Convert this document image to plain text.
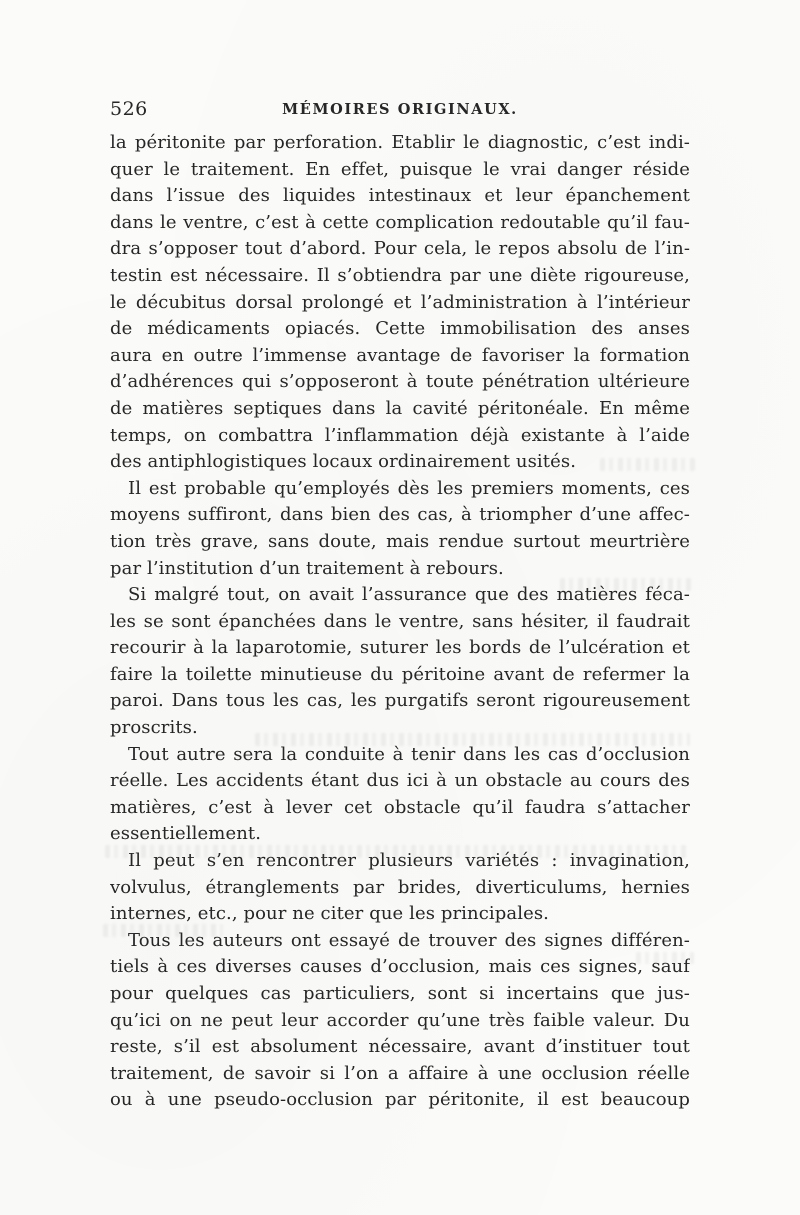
526	MÉMOIRES ORIGINAUX.
la péritonite par perforation. Etablir le diagnostic, c’est indi-
quer le traitement. En effet, puisque le vrai danger réside
dans l’issue des liquides intestinaux et leur épanchement
dans le ventre, c’est à cette complication redoutable qu’il fau-
dra s’opposer tout d’abord. Pour cela, le repos absolu de l’in-
testin est nécessaire. Il s’obtiendra par une diète rigoureuse,
le décubitus dorsal prolongé et l’administration à l’intérieur
de médicaments opiacés. Cette immobilisation des anses
aura en outre l’immense avantage de favoriser la formation
d’adhérences qui s’opposeront à toute pénétration ultérieure
de matières septiques dans la cavité péritonéale. En même
temps, on combattra l’inflammation déjà existante à l’aide
des antiphlogistiques locaux ordinairement usités.
Il est probable qu’employés dès les premiers moments, ces
moyens suffiront, dans bien des cas, à triompher d’une affec-
tion très grave, sans doute, mais rendue surtout meurtrière
par l’institution d’un traitement à rebours.
Si malgré tout, on avait l’assurance que des matières féca-
les se sont épanchées dans le ventre, sans hésiter, il faudrait
recourir à la laparotomie, suturer les bords de l’ulcération et
faire la toilette minutieuse du péritoine avant de refermer la
paroi. Dans tous les cas, les purgatifs seront rigoureusement
proscrits.
Tout autre sera la conduite à tenir dans les cas d’occlusion
réelle. Les accidents étant dus ici à un obstacle au cours des
matières, c’est à lever cet obstacle qu’il faudra s’attacher
essentiellement.
Il peut s’en rencontrer plusieurs variétés : invagination,
volvulus, étranglements par brides, diverticulums, hernies
internes, etc., pour ne citer que les principales.
Tous les auteurs ont essayé de trouver des signes différen-
tiels à ces diverses causes d’occlusion, mais ces signes, sauf
pour quelques cas particuliers, sont si incertains que jus-
qu’ici on ne peut leur accorder qu’une très faible valeur. Du
reste, s’il est absolument nécessaire, avant d’instituer tout
traitement, de savoir si l’on a affaire à une occlusion réelle
ou à une pseudo-occlusion par péritonite, il est beaucoup
